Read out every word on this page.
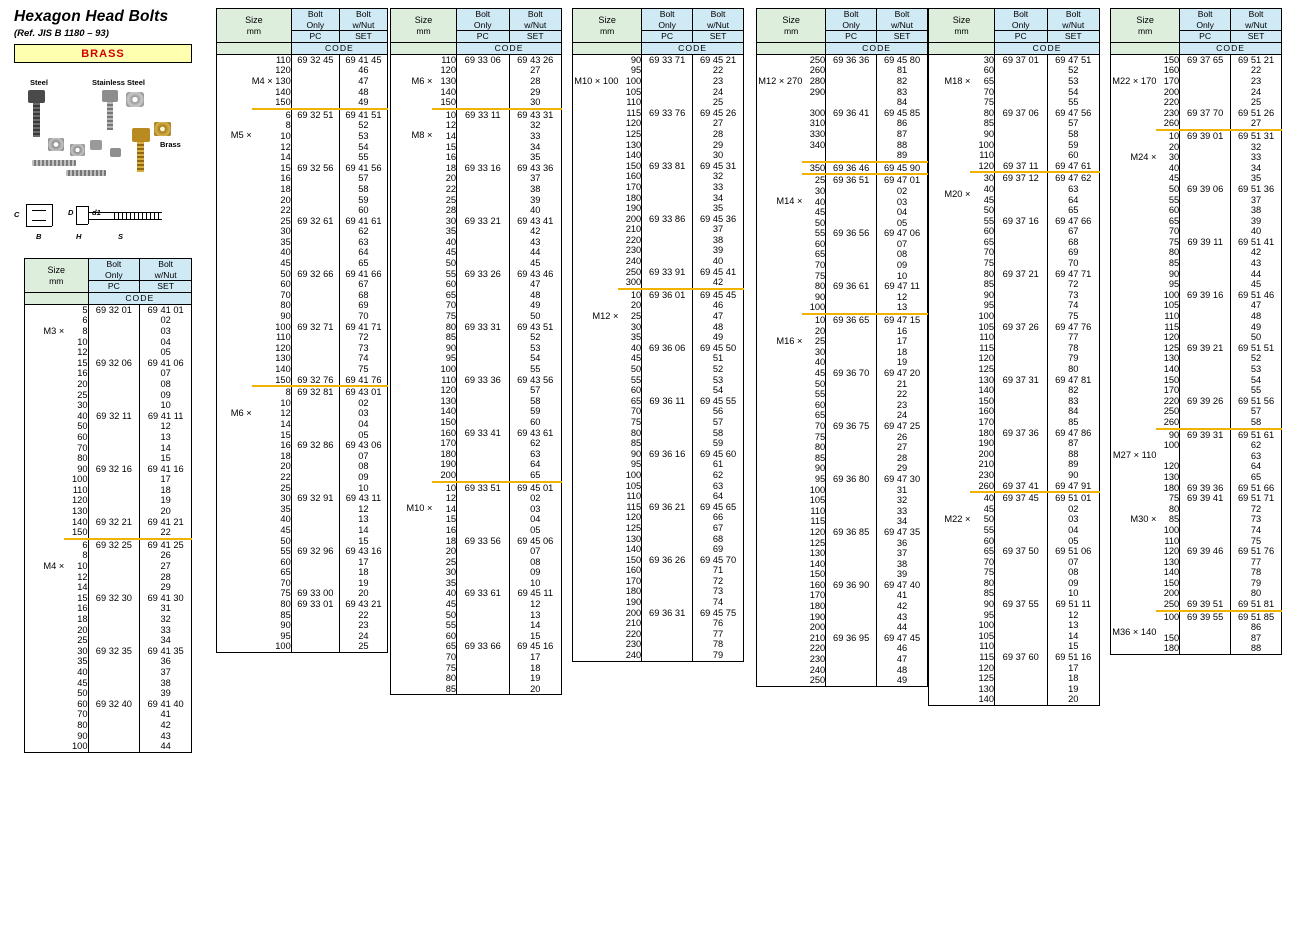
Hexagon Head Bolts
(Ref. JIS B 1180 – 93)
BRASS
Steel	Stainless Steel
Brass
C
B
D
H	S
Size
mm		Bolt
Only	Bolt
w/Nut
		PC	SET
		CODE	
M3 ×	5	69 32 01	69 41 01
	6		02
	8		03
	10		04
	12		05
	15	69 32 06	69 41 06
	16		07
	20		08
	25		09
	30		10
	40	69 32 11	69 41 11
	50		12
	60		13
	70		14
	80		15
	90	69 32 16	69 41 16
	100		17
	110		18
	120		19
	130		20
	140	69 32 21	69 41 21
	150		22
M4 ×	6	69 32 25	69 41 25
	8		26
	10		27
	12		28
	14		29
	15	69 32 30	69 41 30
	16		31
	18		32
	20		33
	25		34
	30	69 32 35	69 41 35
	35		36
	40		37
	45		38
	50		39
	60	69 32 40	69 41 40
	70		41
	80		42
	90		43
	100		44
Size
mm		Bolt
Only	Bolt
w/Nut
		PC	SET
		CODE	
	110	69 32 45	69 41 45
	120		46
	M4 × 130		47
	140		48
	150		49
M5 ×	6	69 32 51	69 41 51
	8		52
	10		53
	12		54
	14		55
	15	69 32 56	69 41 56
	16		57
	18		58
	20		59
	22		60
	25	69 32 61	69 41 61
	30		62
	35		63
	40		64
	45		65
	50	69 32 66	69 41 66
	60		67
	70		68
	80		69
	90		70
	100	69 32 71	69 41 71
	110		72
	120		73
	130		74
	140		75
	150	69 32 76	69 41 76
M6 ×	8	69 32 81	69 43 01
	10		02
	12		03
	14		04
	15		05
	16	69 32 86	69 43 06
	18		07
	20		08
	22		09
	25		10
	30	69 32 91	69 43 11
	35		12
	40		13
	45		14
	50		15
	55	69 32 96	69 43 16
	60		17
	65		18
	70		19
	75	69 33 00	20
	80	69 33 01	69 43 21
	85		22
	90		23
	95		24
	100		25
Size
mm		Bolt
Only	Bolt
w/Nut
		PC	SET
		CODE	
M6 ×	110	69 33 06	69 43 26
	120		27
	130		28
	140		29
	150		30
M8 ×	10	69 33 11	69 43 31
	12		32
	14		33
	15		34
	16		35
	18	69 33 16	69 43 36
	20		37
	22		38
	25		39
	28		40
	30	69 33 21	69 43 41
	35		42
	40		43
	45		44
	50		45
	55	69 33 26	69 43 46
	60		47
	65		48
	70		49
	75		50
	80	69 33 31	69 43 51
	85		52
	90		53
	95		54
	100		55
	110	69 33 36	69 43 56
	120		57
	130		58
	140		59
	150		60
	160	69 33 41	69 43 61
	170		62
	180		63
	190		64
	200		65
M10 ×	10	69 33 51	69 45 01
	12		02
	14		03
	15		04
	16		05
	18	69 33 56	69 45 06
	20		07
	25		08
	30		09
	35		10
	40	69 33 61	69 45 11
	45		12
	50		13
	55		14
	60		15
	65	69 33 66	69 45 16
	70		17
	75		18
	80		19
	85		20
Size
mm		Bolt
Only	Bolt
w/Nut
		PC	SET
		CODE	
M10 × 100	90	69 33 71	69 45 21
	95		22
	100		23
	105		24
	110		25
	115	69 33 76	69 45 26
	120		27
	125		28
	130		29
	140		30
	150	69 33 81	69 45 31
	160		32
	170		33
	180		34
	190		35
	200	69 33 86	69 45 36
	210		37
	220		38
	230		39
	240		40
	250	69 33 91	69 45 41
	300		42
M12 ×	10	69 36 01	69 45 45
	20		46
	25		47
	30		48
	35		49
	40	69 36 06	69 45 50
	45		51
	50		52
	55		53
	60		54
	65	69 36 11	69 45 55
	70		56
	75		57
	80		58
	85		59
	90	69 36 16	69 45 60
	95		61
	100		62
	105		63
	110		64
	115	69 36 21	69 45 65
	120		66
	125		67
	130		68
	140		69
	150	69 36 26	69 45 70
	160		71
	170		72
	180		73
	190		74
	200	69 36 31	69 45 75
	210		76
	220		77
	230		78
	240		79
Size
mm		Bolt
Only	Bolt
w/Nut
		PC	SET
		CODE	
M12 × 270	250	69 36 36	69 45 80
	260		81
	280		82
	290		83
			84
	300	69 36 41	69 45 85
	310		86
	330		87
	340		88
			89
	350	69 36 46	69 45 90
M14 ×	25	69 36 51	69 47 01
	30		02
	40		03
	45		04
	50		05
	55	69 36 56	69 47 06
	60		07
	65		08
	70		09
	75		10
	80	69 36 61	69 47 11
	90		12
	100		13
M16 ×	10	69 36 65	69 47 15
	20		16
	25		17
	30		18
	40		19
	45	69 36 70	69 47 20
	50		21
	55		22
	60		23
	65		24
	70	69 36 75	69 47 25
	75		26
	80		27
	85		28
	90		29
	95	69 36 80	69 47 30
	100		31
	105		32
	110		33
	115		34
	120	69 36 85	69 47 35
	125		36
	130		37
	140		38
	150		39
	160	69 36 90	69 47 40
	170		41
	180		42
	190		43
	200		44
	210	69 36 95	69 47 45
	220		46
	230		47
	240		48
	250		49
Size
mm		Bolt
Only	Bolt
w/Nut
		PC	SET
		CODE	
M18 ×	30	69 37 01	69 47 51
	60		52
	65		53
	70		54
	75		55
	80	69 37 06	69 47 56
	85		57
	90		58
	100		59
	110		60
	120	69 37 11	69 47 61
M20 ×	30	69 37 12	69 47 62
	40		63
	45		64
	50		65
	55	69 37 16	69 47 66
	60		67
	65		68
	70		69
	75		70
	80	69 37 21	69 47 71
	85		72
	90		73
	95		74
	100		75
	105	69 37 26	69 47 76
	110		77
	115		78
	120		79
	125		80
	130	69 37 31	69 47 81
	140		82
	150		83
	160		84
	170		85
	180	69 37 36	69 47 86
	190		87
	200		88
	210		89
	230		90
	260	69 37 41	69 47 91
M22 ×	40	69 37 45	69 51 01
	45		02
	50		03
	55		04
	60		05
	65	69 37 50	69 51 06
	70		07
	75		08
	80		09
	85		10
	90	69 37 55	69 51 11
	95		12
	100		13
	105		14
	110		15
	115	69 37 60	69 51 16
	120		17
	125		18
	130		19
	140		20
Size
mm		Bolt
Only	Bolt
w/Nut
		PC	SET
		CODE	
M22 × 170	150	69 37 65	69 51 21
	160		22
	170		23
	200		24
	220		25
	230	69 37 70	69 51 26
	260		27
M24 ×	10	69 39 01	69 51 31
	20		32
	30		33
	40		34
	45		35
	50	69 39 06	69 51 36
	55		37
	60		38
	65		39
	70		40
	75	69 39 11	69 51 41
	80		42
	85		43
	90		44
	95		45
	100	69 39 16	69 51 46
	105		47
	110		48
	115		49
	120		50
	125	69 39 21	69 51 51
	130		52
	140		53
	150		54
	170		55
	220	69 39 26	69 51 56
	250		57
	260		58
M27 × 110	90	69 39 31	69 51 61
	100		62
			63
	120		64
	130		65
	180	69 39 36	69 51 66
M30 ×	75	69 39 41	69 51 71
	80		72
	85		73
	100		74
	110		75
	120	69 39 46	69 51 76
	130		77
	140		78
	150		79
	200		80
	250	69 39 51	69 51 81
M36 × 140	100	69 39 55	69 51 85
			86
	150		87
	180		88
